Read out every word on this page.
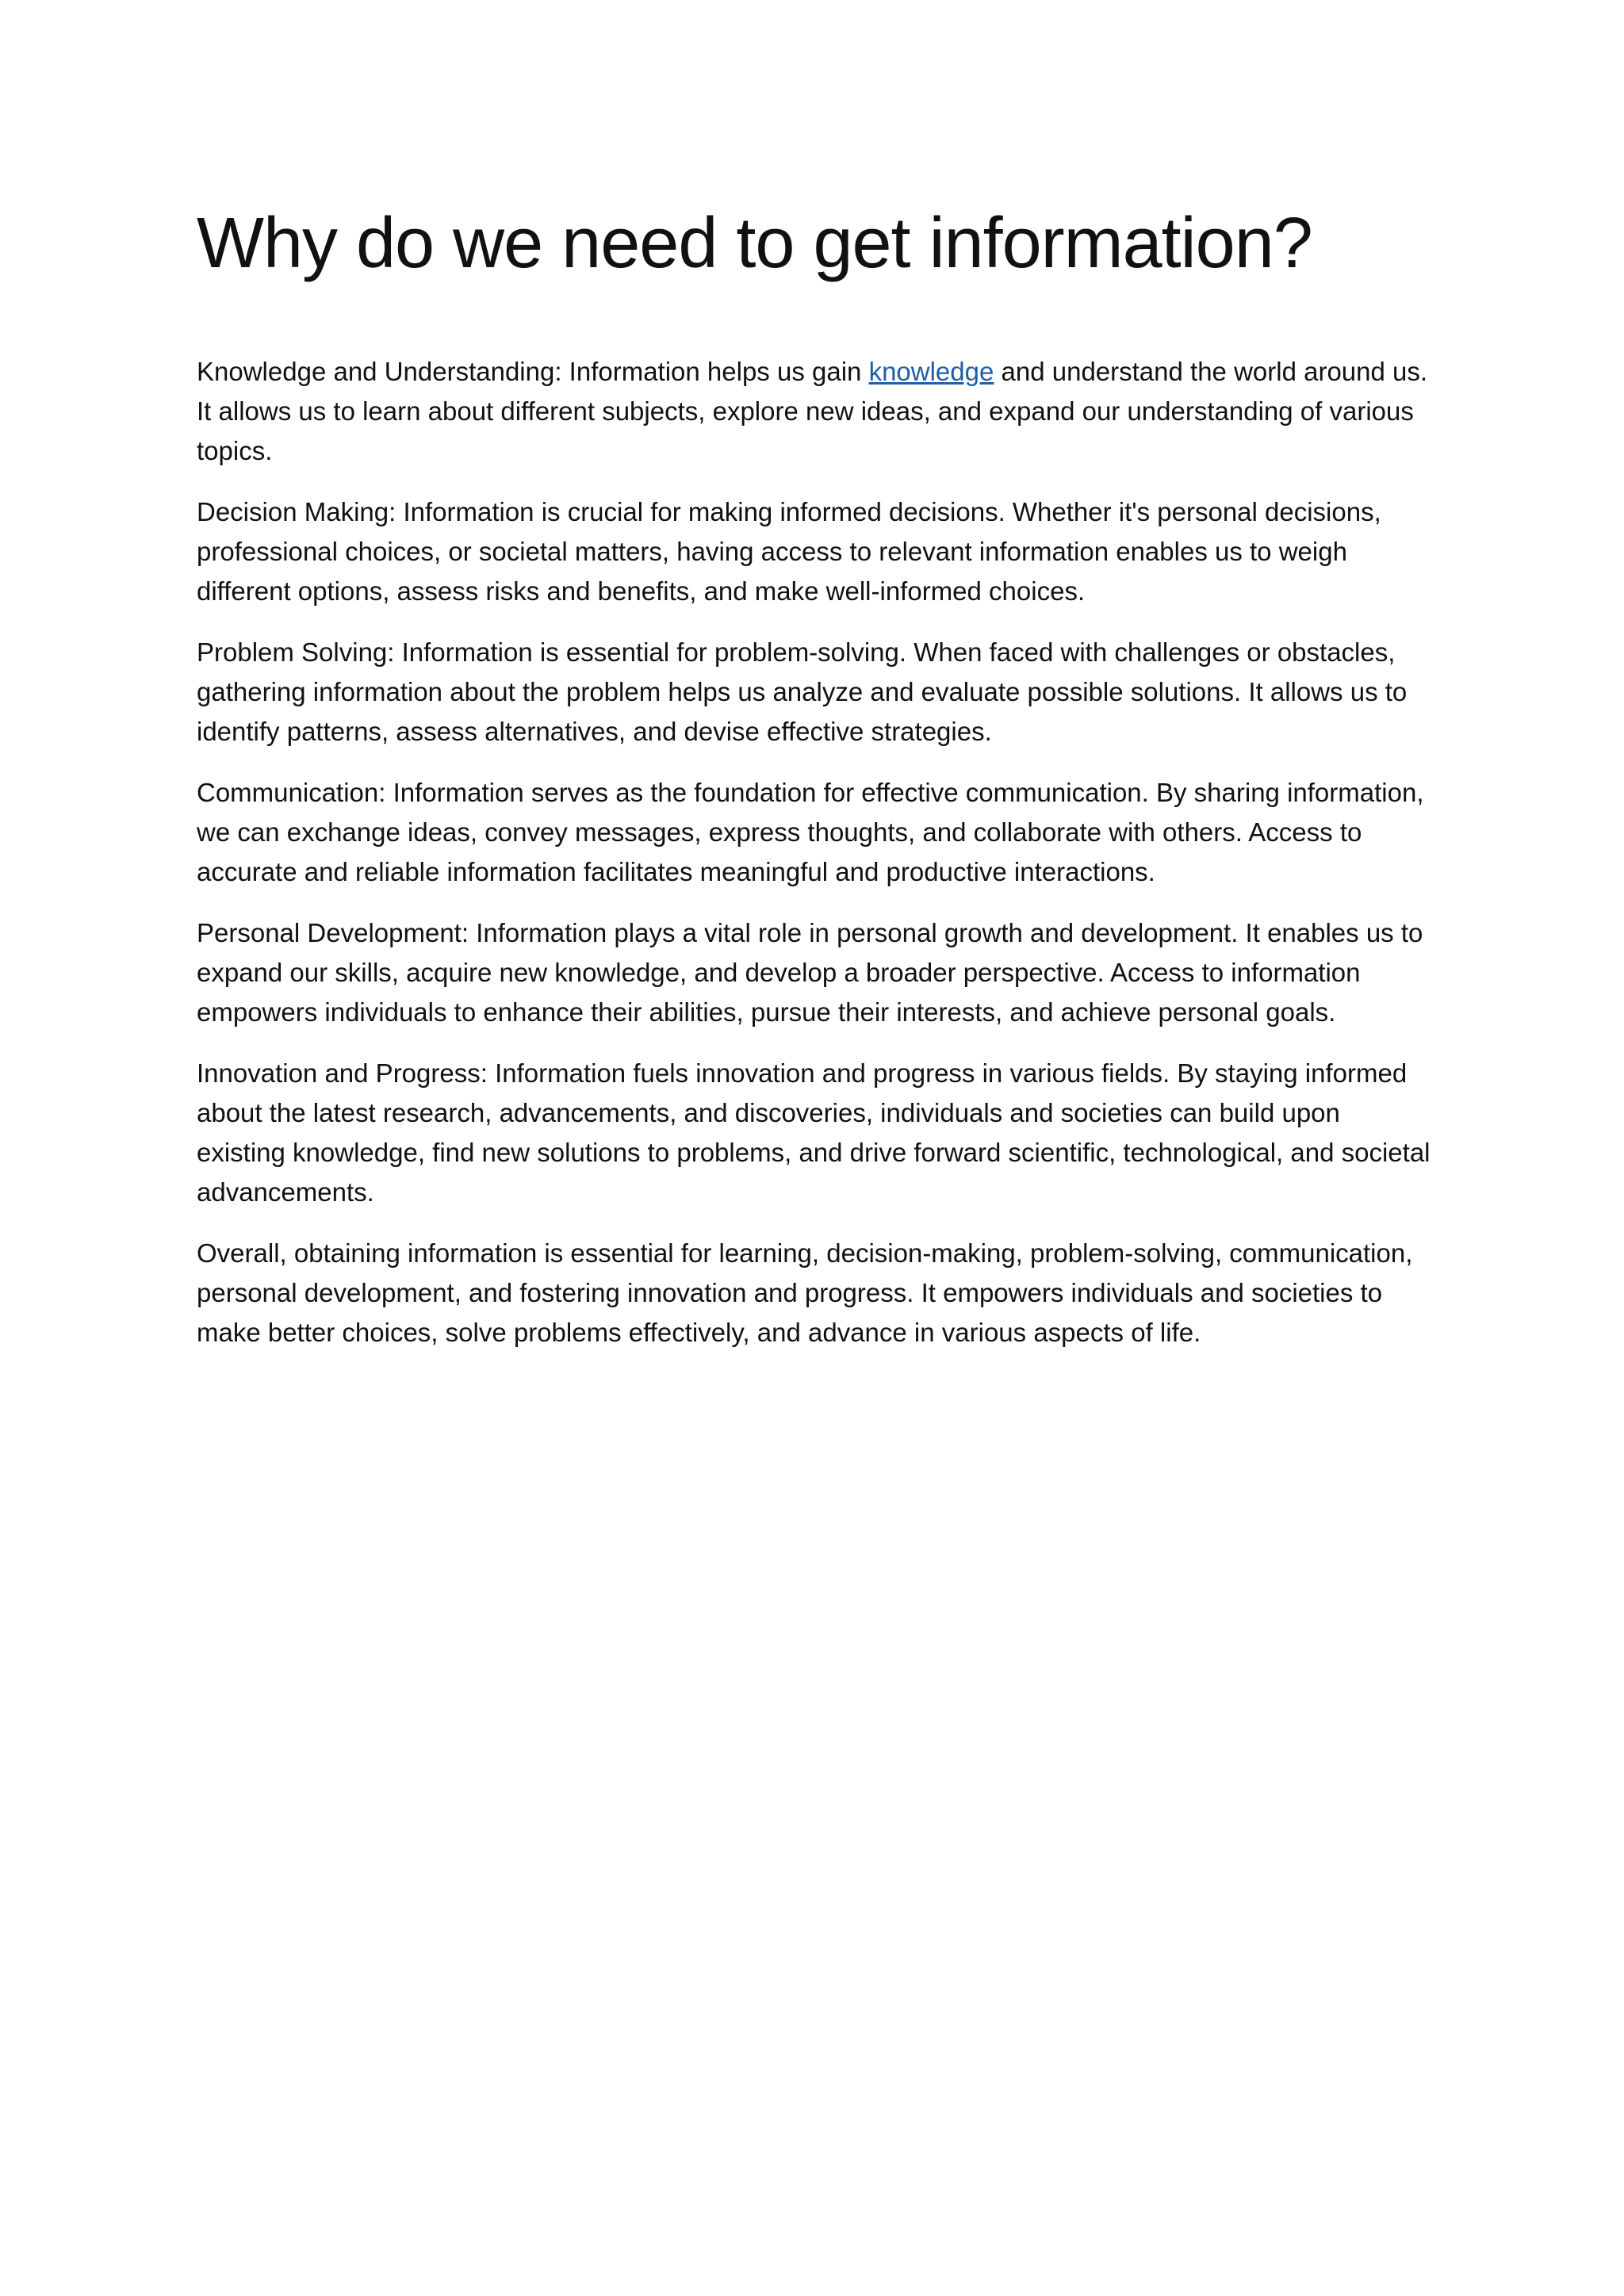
Why do we need to get information?

Knowledge and Understanding: Information helps us gain knowledge and understand the world around us. It allows us to learn about different subjects, explore new ideas, and expand our understanding of various topics.

Decision Making: Information is crucial for making informed decisions. Whether it's personal decisions, professional choices, or societal matters, having access to relevant information enables us to weigh different options, assess risks and benefits, and make well-informed choices.

Problem Solving: Information is essential for problem-solving. When faced with challenges or obstacles, gathering information about the problem helps us analyze and evaluate possible solutions. It allows us to identify patterns, assess alternatives, and devise effective strategies.

Communication: Information serves as the foundation for effective communication. By sharing information, we can exchange ideas, convey messages, express thoughts, and collaborate with others. Access to accurate and reliable information facilitates meaningful and productive interactions.

Personal Development: Information plays a vital role in personal growth and development. It enables us to expand our skills, acquire new knowledge, and develop a broader perspective. Access to information empowers individuals to enhance their abilities, pursue their interests, and achieve personal goals.

Innovation and Progress: Information fuels innovation and progress in various fields. By staying informed about the latest research, advancements, and discoveries, individuals and societies can build upon existing knowledge, find new solutions to problems, and drive forward scientific, technological, and societal advancements.

Overall, obtaining information is essential for learning, decision-making, problem-solving, communication, personal development, and fostering innovation and progress. It empowers individuals and societies to make better choices, solve problems effectively, and advance in various aspects of life.
